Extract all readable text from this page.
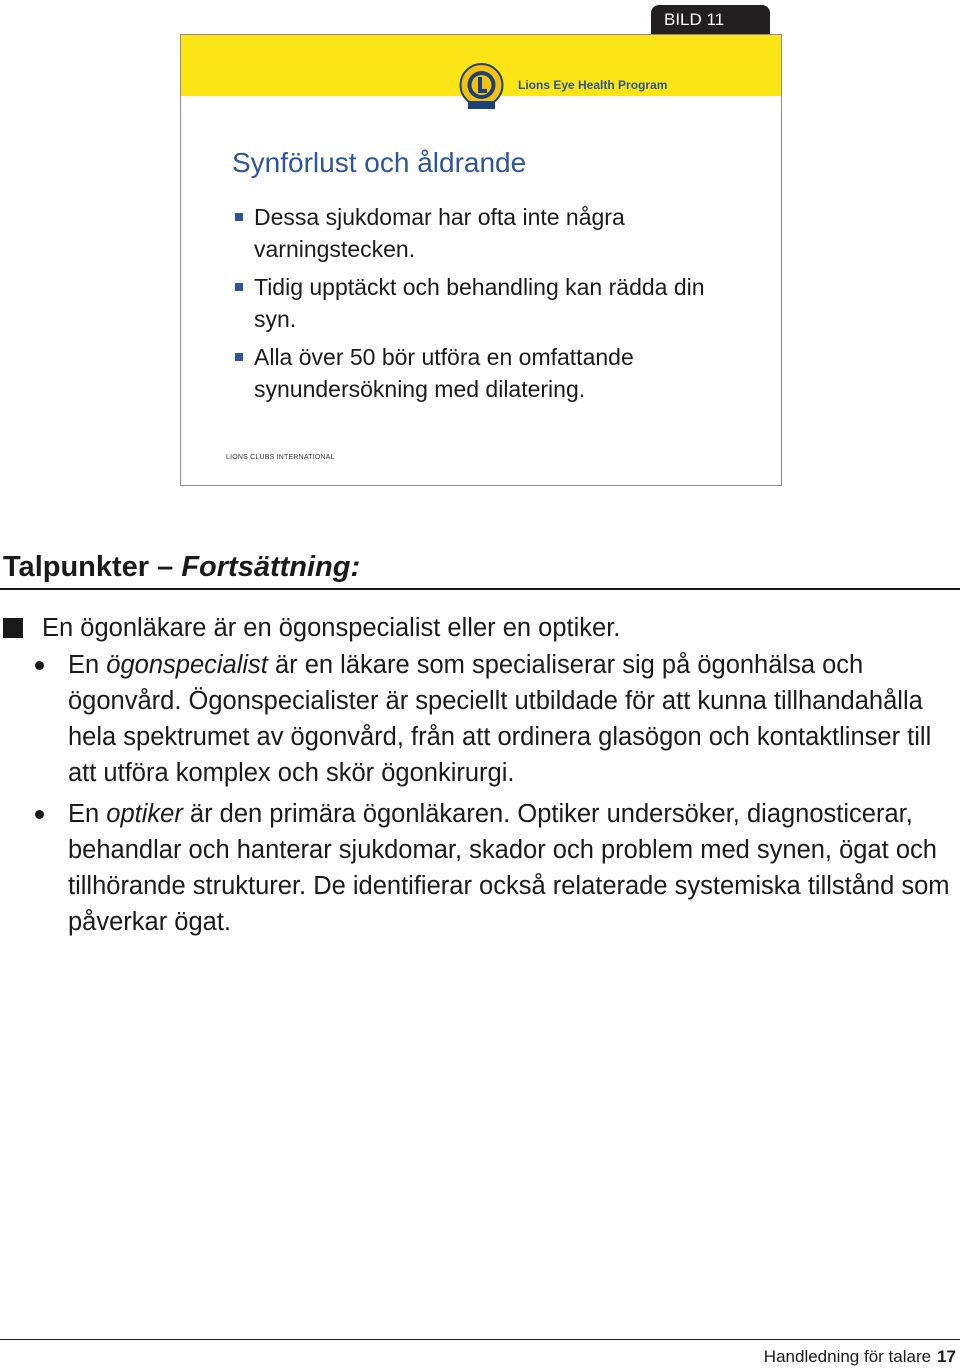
BILD 11
Lions Eye Health Program
Synförlust och åldrande
Dessa sjukdomar har ofta inte några varningstecken.
Tidig upptäckt och behandling kan rädda din syn.
Alla över 50 bör utföra en omfattande synundersökning med dilatering.
LIONS CLUBS INTERNATIONAL
Talpunkter – Fortsättning:

En ögonläkare är en ögonspecialist eller en optiker.

En ögonspecialist är en läkare som specialiserar sig på ögonhälsa och ögonvård. Ögonspecialister är speciellt utbildade för att kunna tillhandahålla hela spektrumet av ögonvård, från att ordinera glasögon och kontaktlinser till att utföra komplex och skör ögonkirurgi.

En optiker är den primära ögonläkaren. Optiker undersöker, diagnosticerar, behandlar och hanterar sjukdomar, skador och problem med synen, ögat och tillhörande strukturer. De identifierar också relaterade systemiska tillstånd som påverkar ögat.

Handledning för talare 17
